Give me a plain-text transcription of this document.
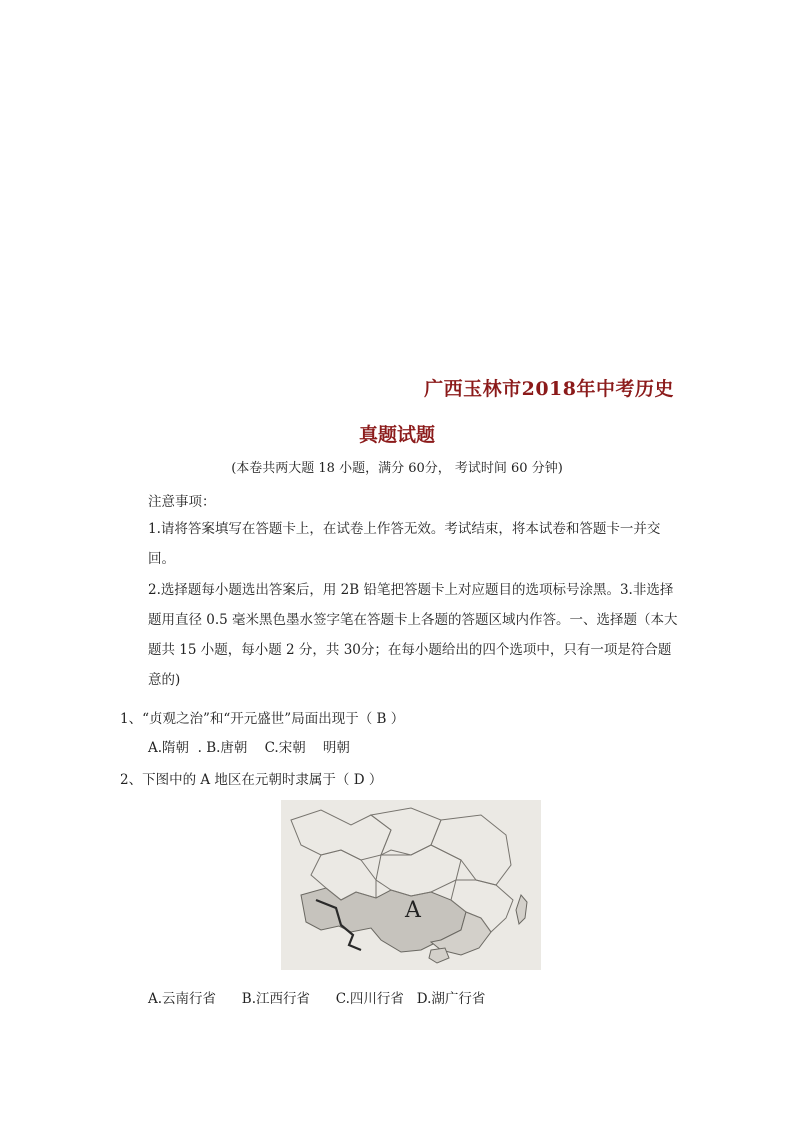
广西玉林市2018年中考历史
真题试题
(本卷共两大题 18 小题，满分 60分， 考试时间 60 分钟)
注意事项：
1.请将答案填写在答题卡上，在试卷上作答无效。考试结束，将本试卷和答题卡一并交回。
2.选择题每小题选出答案后，用 2B 铅笔把答题卡上对应题目的选项标号涂黑。3.非选择题用直径 0.5 毫米黑色墨水签字笔在答题卡上各题的答题区域内作答。一、选择题（本大题共 15 小题，每小题 2 分，共 30分；在每小题给出的四个选项中，只有一项是符合题意的)
1、“贞观之治”和“开元盛世”局面出现于（ B ）
A.隋朝  . B.唐朝    C.宋朝    明朝
2、下图中的 A 地区在元朝时隶属于（ D ）
A
A.云南行省      B.江西行省      C.四川行省   D.湖广行省
